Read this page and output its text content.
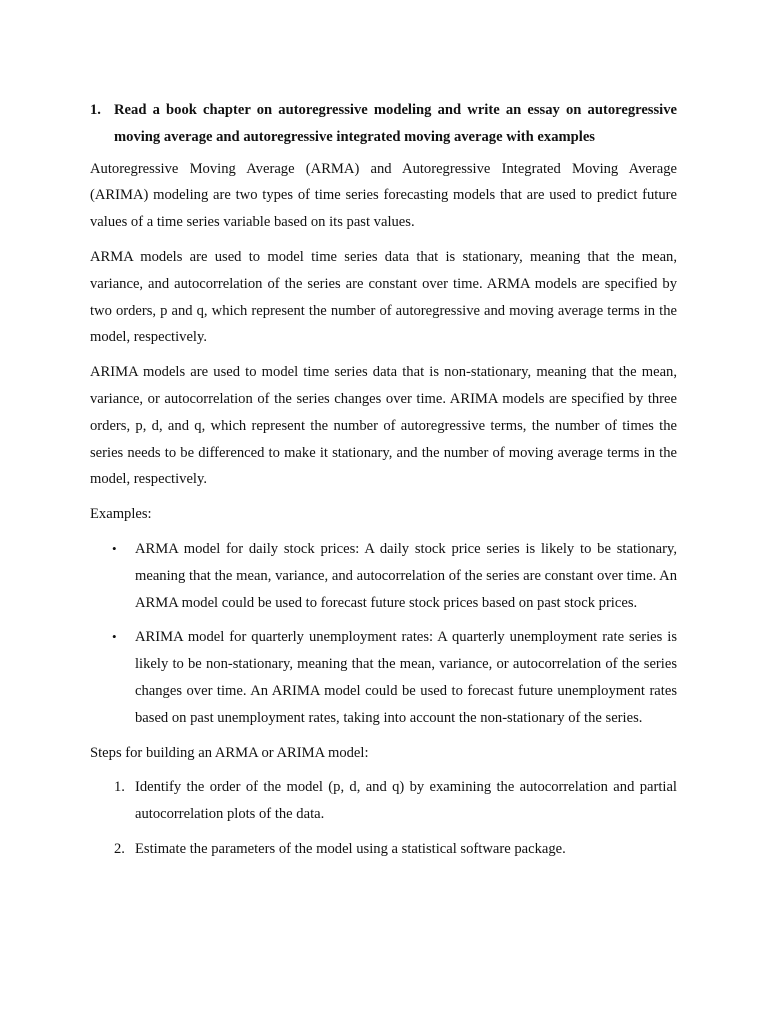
1. Read a book chapter on autoregressive modeling and write an essay on autoregressive moving average and autoregressive integrated moving average with examples

Autoregressive Moving Average (ARMA) and Autoregressive Integrated Moving Average (ARIMA) modeling are two types of time series forecasting models that are used to predict future values of a time series variable based on its past values.

ARMA models are used to model time series data that is stationary, meaning that the mean, variance, and autocorrelation of the series are constant over time. ARMA models are specified by two orders, p and q, which represent the number of autoregressive and moving average terms in the model, respectively.

ARIMA models are used to model time series data that is non-stationary, meaning that the mean, variance, or autocorrelation of the series changes over time. ARIMA models are specified by three orders, p, d, and q, which represent the number of autoregressive terms, the number of times the series needs to be differenced to make it stationary, and the number of moving average terms in the model, respectively.

Examples:

•	ARMA model for daily stock prices: A daily stock price series is likely to be stationary, meaning that the mean, variance, and autocorrelation of the series are constant over time. An ARMA model could be used to forecast future stock prices based on past stock prices.
•	ARIMA model for quarterly unemployment rates: A quarterly unemployment rate series is likely to be non-stationary, meaning that the mean, variance, or autocorrelation of the series changes over time. An ARIMA model could be used to forecast future unemployment rates based on past unemployment rates, taking into account the non-stationary of the series.

Steps for building an ARMA or ARIMA model:

1. Identify the order of the model (p, d, and q) by examining the autocorrelation and partial autocorrelation plots of the data.
2. Estimate the parameters of the model using a statistical software package.
